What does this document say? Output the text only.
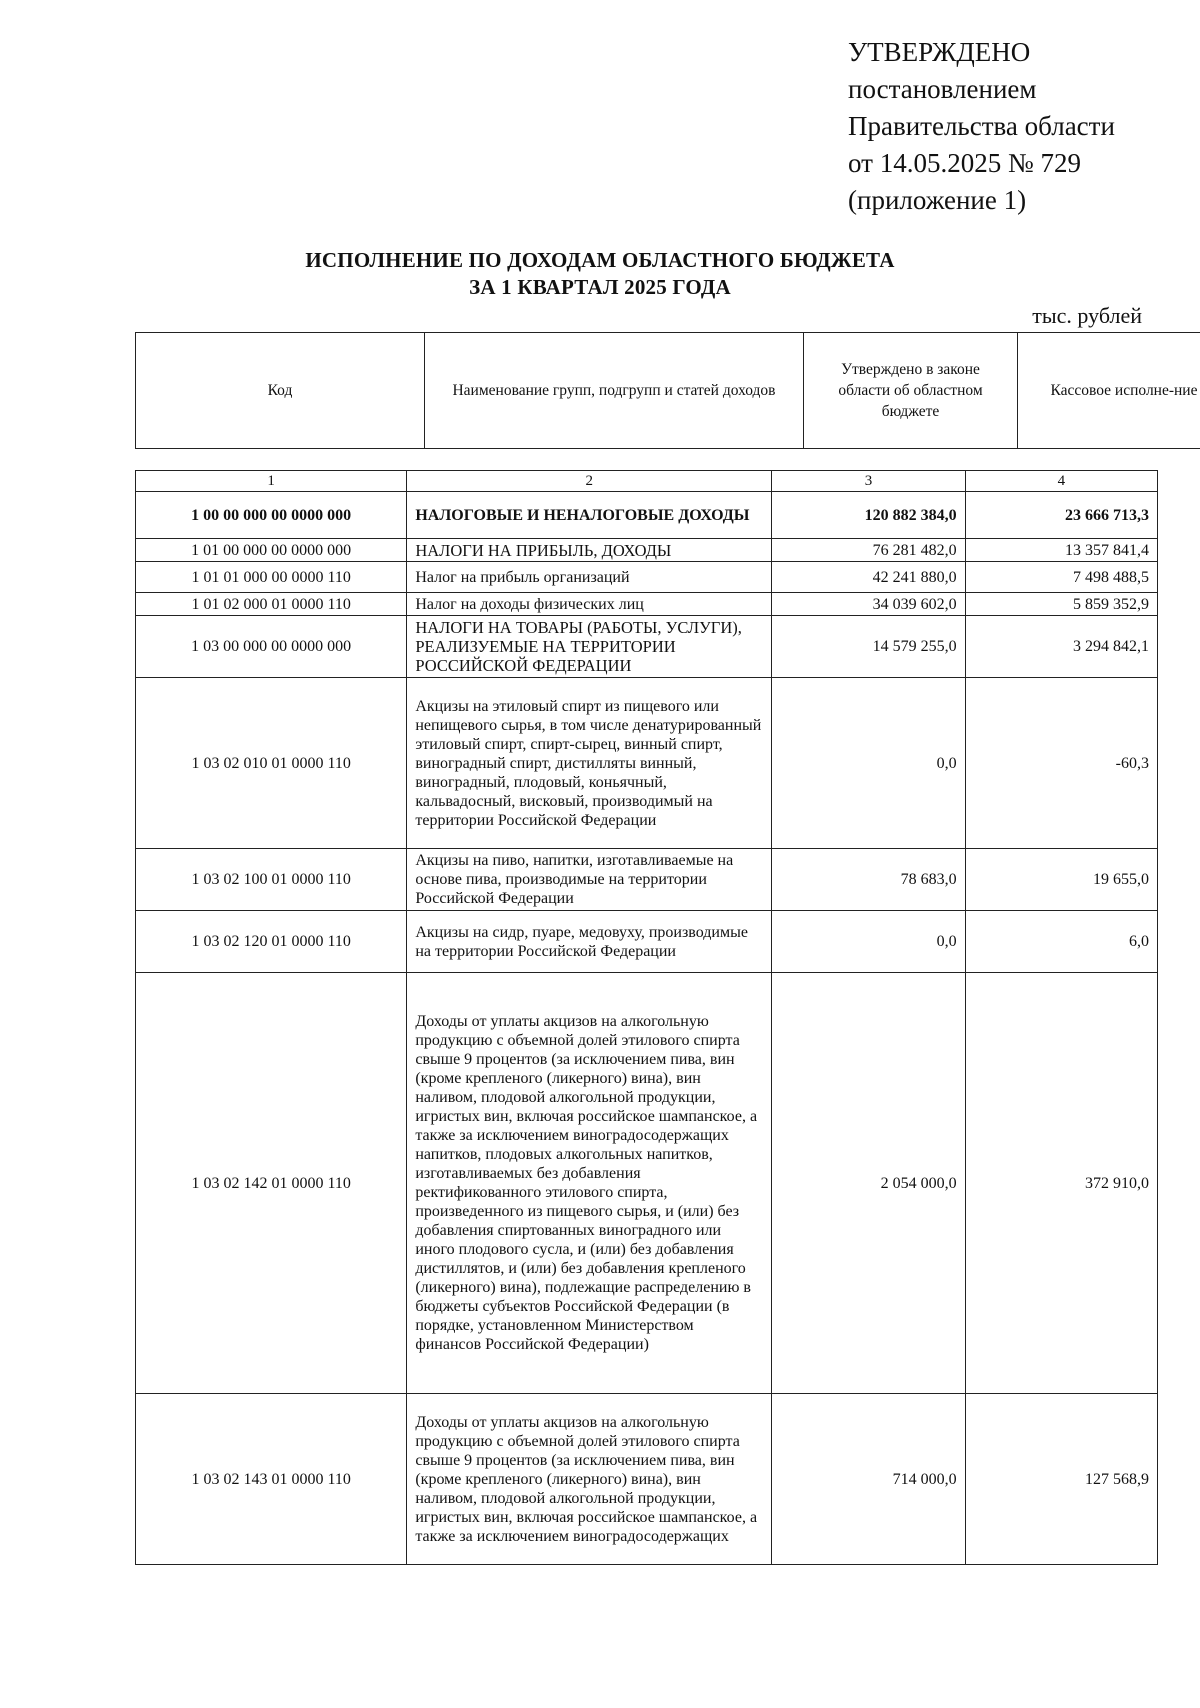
УТВЕРЖДЕНО
постановлением
Правительства области
от 14.05.2025 № 729
(приложение 1)
ИСПОЛНЕНИЕ ПО ДОХОДАМ ОБЛАСТНОГО БЮДЖЕТА
ЗА 1 КВАРТАЛ 2025 ГОДА
тыс. рублей
Код	Наименование групп, подгрупп и статей доходов	Утверждено в законе области об областном бюджете	Кассовое исполне-ние
1	2	3	4
1 00 00 000 00 0000 000	НАЛОГОВЫЕ И НЕНАЛОГОВЫЕ ДОХОДЫ	120 882 384,0	23 666 713,3
1 01 00 000 00 0000 000	НАЛОГИ НА ПРИБЫЛЬ, ДОХОДЫ	76 281 482,0	13 357 841,4
1 01 01 000 00 0000 110	Налог на прибыль организаций	42 241 880,0	7 498 488,5
1 01 02 000 01 0000 110	Налог на доходы физических лиц	34 039 602,0	5 859 352,9
1 03 00 000 00 0000 000	НАЛОГИ НА ТОВАРЫ (РАБОТЫ, УСЛУГИ), РЕАЛИЗУЕМЫЕ НА ТЕРРИТОРИИ РОССИЙСКОЙ ФЕДЕРАЦИИ	14 579 255,0	3 294 842,1
1 03 02 010 01 0000 110	Акцизы на этиловый спирт из пищевого или непищевого сырья, в том числе денатурированный этиловый спирт, спирт-сырец, винный спирт, виноградный спирт, дистилляты винный, виноградный, плодовый, коньячный, кальвадосный, висковый, производимый на территории Российской Федерации	0,0	-60,3
1 03 02 100 01 0000 110	Акцизы на пиво, напитки, изготавливаемые на основе пива, производимые на территории Российской Федерации	78 683,0	19 655,0
1 03 02 120 01 0000 110	Акцизы на сидр, пуаре, медовуху, производимые на территории Российской Федерации	0,0	6,0
1 03 02 142 01 0000 110	Доходы от уплаты акцизов на алкогольную продукцию с объемной долей этилового спирта свыше 9 процентов (за исключением пива, вин (кроме крепленого (ликерного) вина), вин наливом, плодовой алкогольной продукции, игристых вин, включая российское шампанское, а также за исключением виноградосодержащих напитков, плодовых алкогольных напитков, изготавливаемых без добавления ректификованного этилового спирта, произведенного из пищевого сырья, и (или) без добавления спиртованных виноградного или иного плодового сусла, и (или) без добавления дистиллятов, и (или) без добавления крепленого (ликерного) вина), подлежащие распределению в бюджеты субъектов Российской Федерации (в порядке, установленном Министерством финансов Российской Федерации)	2 054 000,0	372 910,0
1 03 02 143 01 0000 110	Доходы от уплаты акцизов на алкогольную продукцию с объемной долей этилового спирта свыше 9 процентов (за исключением пива, вин (кроме крепленого (ликерного) вина), вин наливом, плодовой алкогольной продукции, игристых вин, включая российское шампанское, а также за исключением виноградосодержащих	714 000,0	127 568,9
